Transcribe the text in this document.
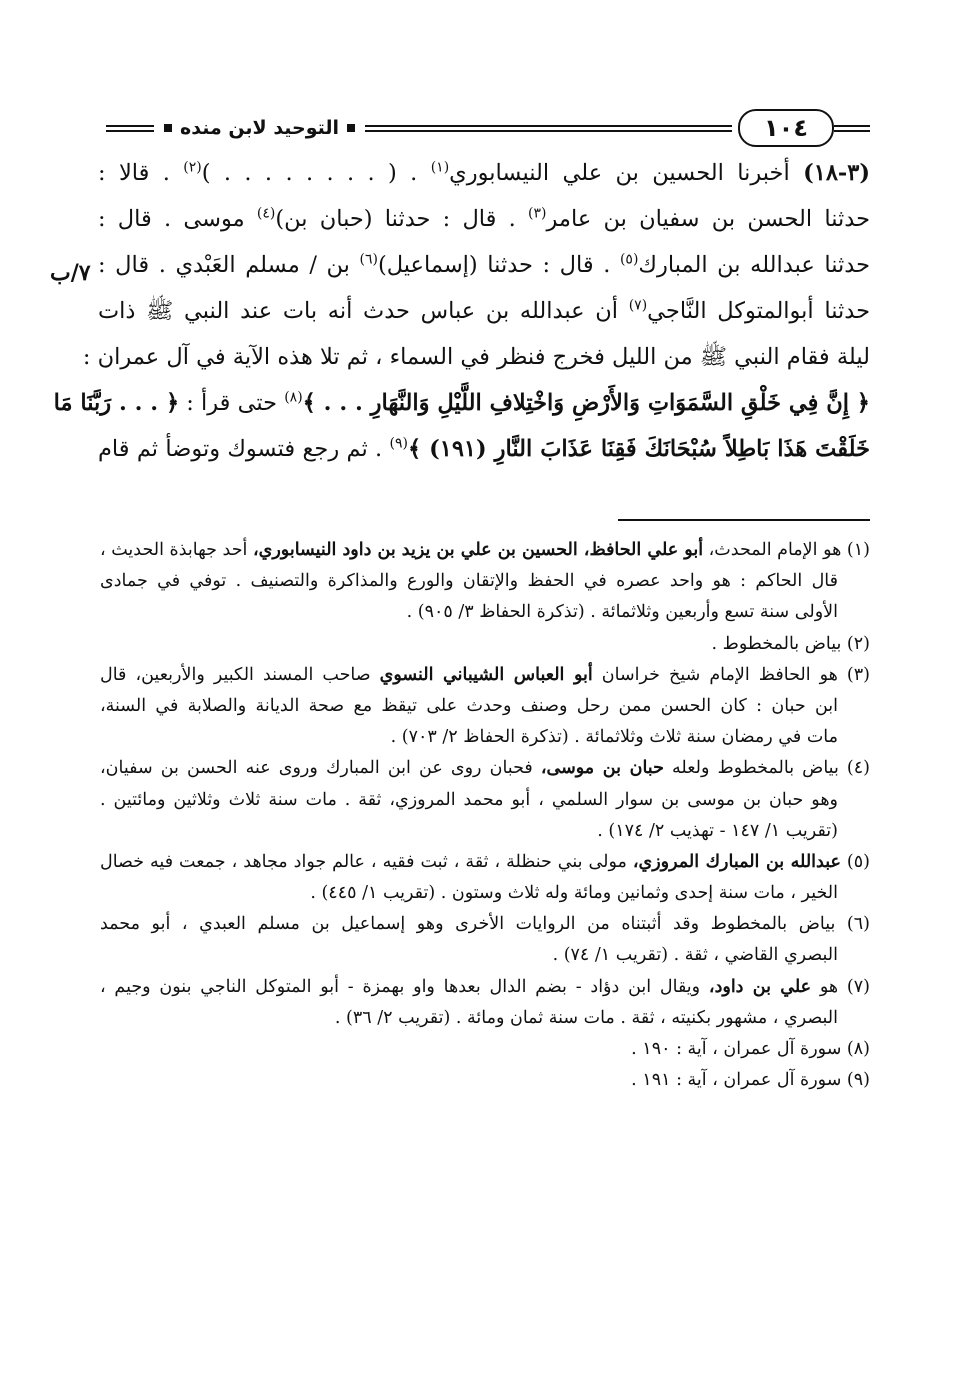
١٠٤
التوحيد لابن منده
٧/ب
(٣-١٨) أخبرنا الحسين بن علي النيسابوري$^{(١)}$ . ( . . . . . . . . )$^{(٢)}$ . قالا :
حدثنا الحسن بن سفيان بن عامر$^{(٣)}$ . قال : حدثنا (حبان بن)$^{(٤)}$ موسى . قال :
حدثنا عبدالله بن المبارك$^{(٥)}$ . قال : حدثنا (إسماعيل)$^{(٦)}$ بن / مسلم العَبْدي . قال :
حدثنا أبوالمتوكل النَّاجي$^{(٧)}$ أن عبدالله بن عباس حدث أنه بات عند النبي ﷺ ذات
ليلة فقام النبي ﷺ من الليل فخرج فنظر في السماء ، ثم تلا هذه الآية في آل عمران :
﴿ إِنَّ فِي خَلْقِ السَّمَوَاتِ وَالأَرْضِ وَاخْتِلافِ اللَّيْلِ وَالنَّهَارِ . . . ﴾$^{(٨)}$ حتى قرأ : ﴿ . . . رَبَّنَا مَا
خَلَقْتَ هَذَا بَاطِلاً سُبْحَانَكَ فَقِنَا عَذَابَ النَّارِ (١٩١) ﴾$^{(٩)}$ . ثم رجع فتسوك وتوضأ ثم قام
(١) هو الإمام المحدث، أبو علي الحافظ، الحسين بن علي بن يزيد بن داود النيسابوري، أحد جهابذة الحديث ،
قال الحاكم : هو واحد عصره في الحفظ والإتقان والورع والمذاكرة والتصنيف . توفي في جمادى
الأولى سنة تسع وأربعين وثلاثمائة . (تذكرة الحفاظ ٣/ ٩٠٥) .
(٢) بياض بالمخطوط .
(٣) هو الحافظ الإمام شيخ خراسان أبو العباس الشيباني النسوي صاحب المسند الكبير والأربعين، قال
ابن حبان : كان الحسن ممن رحل وصنف وحدث على تيقظ مع صحة الديانة والصلابة في السنة،
مات في رمضان سنة ثلاث وثلاثمائة . (تذكرة الحفاظ ٢/ ٧٠٣) .
(٤) بياض بالمخطوط ولعله حبان بن موسى، فحبان روى عن ابن المبارك وروى عنه الحسن بن سفيان،
وهو حبان بن موسى بن سوار السلمي ، أبو محمد المروزي، ثقة . مات سنة ثلاث وثلاثين ومائتين .
(تقريب ١/ ١٤٧ - تهذيب ٢/ ١٧٤) .
(٥) عبدالله بن المبارك المروزي، مولى بني حنظلة ، ثقة ، ثبت فقيه ، عالم جواد مجاهد ، جمعت فيه خصال
الخير ، مات سنة إحدى وثمانين ومائة وله ثلاث وستون . (تقريب ١/ ٤٤٥) .
(٦) بياض بالمخطوط وقد أثبتناه من الروايات الأخرى وهو إسماعيل بن مسلم العبدي ، أبو محمد
البصري القاضي ، ثقة . (تقريب ١/ ٧٤) .
(٧) هو علي بن داود، ويقال ابن دؤاد - بضم الدال بعدها واو بهمزة - أبو المتوكل الناجي بنون وجيم ،
البصري ، مشهور بكنيته ، ثقة . مات سنة ثمان ومائة . (تقريب ٢/ ٣٦) .
(٨) سورة آل عمران ، آية : ١٩٠ .
(٩) سورة آل عمران ، آية : ١٩١ .
